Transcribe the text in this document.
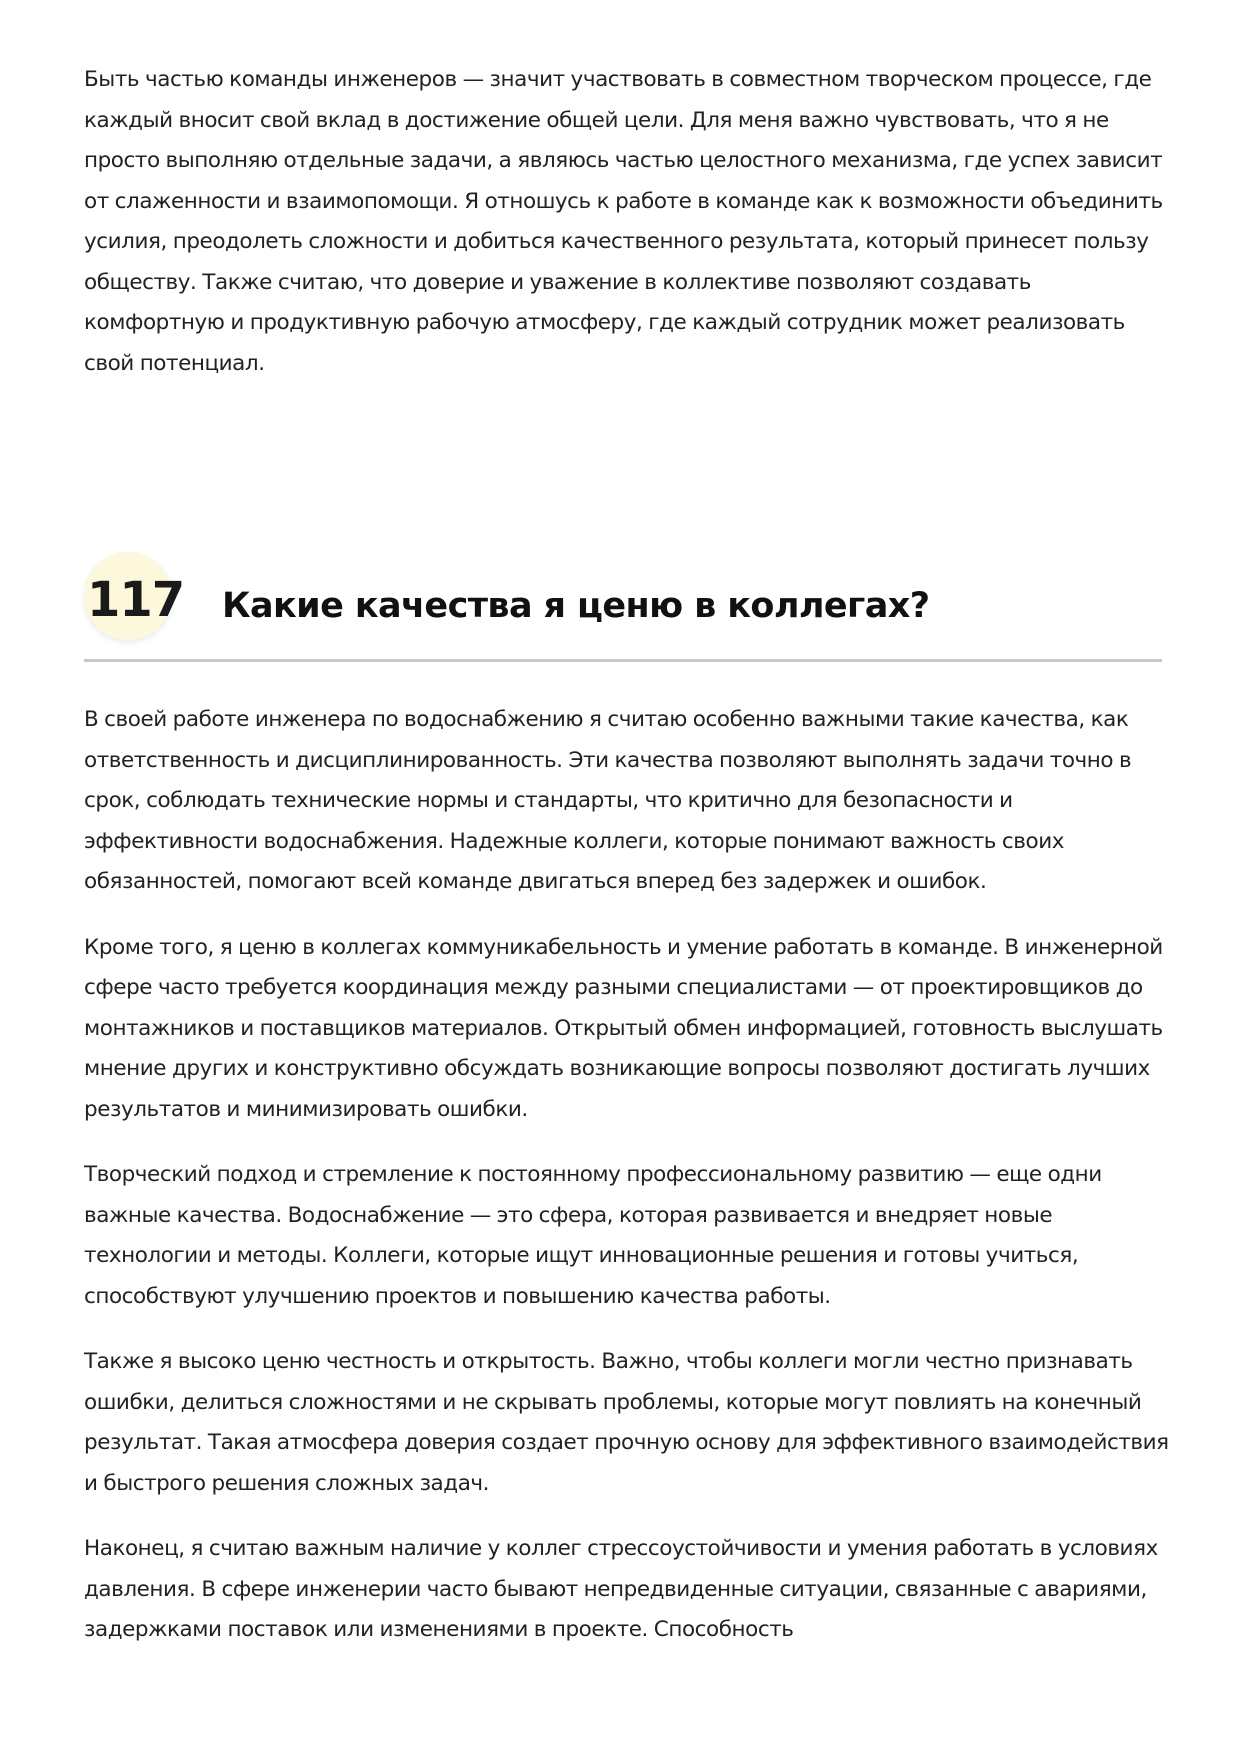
Быть частью команды инженеров — значит участвовать в совместном творческом процессе, где каждый вносит свой вклад в достижение общей цели. Для меня важно чувствовать, что я не просто выполняю отдельные задачи, а являюсь частью целостного механизма, где успех зависит от слаженности и взаимопомощи. Я отношусь к работе в команде как к возможности объединить усилия, преодолеть сложности и добиться качественного результата, который принесет пользу обществу. Также считаю, что доверие и уважение в коллективе позволяют создавать комфортную и продуктивную рабочую атмосферу, где каждый сотрудник может реализовать свой потенциал.

117 Какие качества я ценю в коллегах?

В своей работе инженера по водоснабжению я считаю особенно важными такие качества, как ответственность и дисциплинированность. Эти качества позволяют выполнять задачи точно в срок, соблюдать технические нормы и стандарты, что критично для безопасности и эффективности водоснабжения. Надежные коллеги, которые понимают важность своих обязанностей, помогают всей команде двигаться вперед без задержек и ошибок.

Кроме того, я ценю в коллегах коммуникабельность и умение работать в команде. В инженерной сфере часто требуется координация между разными специалистами — от проектировщиков до монтажников и поставщиков материалов. Открытый обмен информацией, готовность выслушать мнение других и конструктивно обсуждать возникающие вопросы позволяют достигать лучших результатов и минимизировать ошибки.

Творческий подход и стремление к постоянному профессиональному развитию — еще одни важные качества. Водоснабжение — это сфера, которая развивается и внедряет новые технологии и методы. Коллеги, которые ищут инновационные решения и готовы учиться, способствуют улучшению проектов и повышению качества работы.

Также я высоко ценю честность и открытость. Важно, чтобы коллеги могли честно признавать ошибки, делиться сложностями и не скрывать проблемы, которые могут повлиять на конечный результат. Такая атмосфера доверия создает прочную основу для эффективного взаимодействия и быстрого решения сложных задач.

Наконец, я считаю важным наличие у коллег стрессоустойчивости и умения работать в условиях давления. В сфере инженерии часто бывают непредвиденные ситуации, связанные с авариями, задержками поставок или изменениями в проекте. Способность
